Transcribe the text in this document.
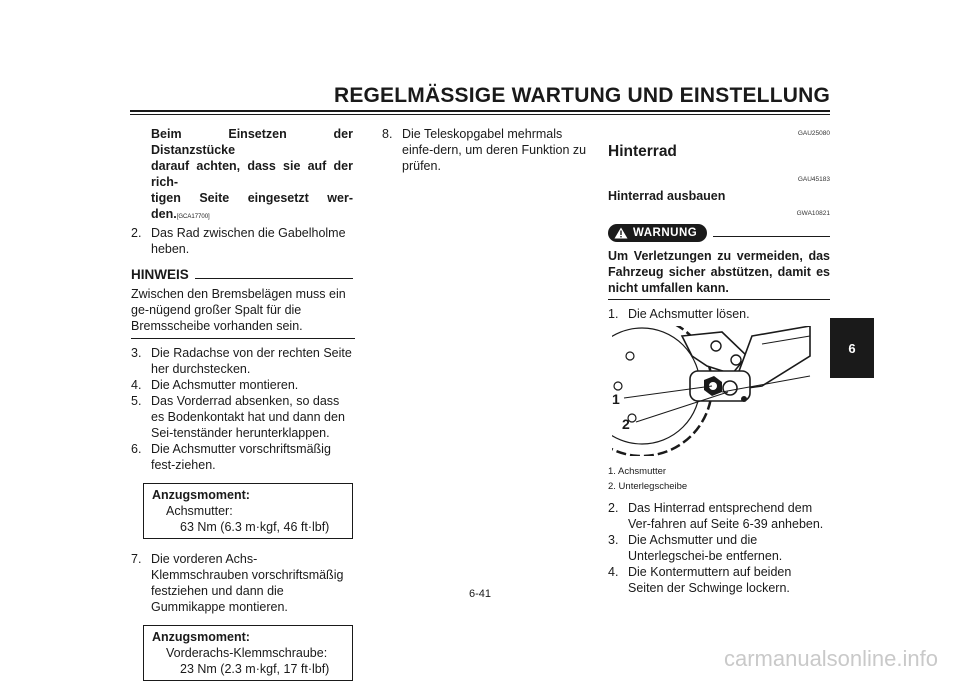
REGELMÄSSIGE WARTUNG UND EINSTELLUNG
6
Beim Einsetzen der Distanzstücke
darauf achten, dass sie auf der rich-
tigen Seite eingesetzt wer-
den.[GCA17700]
2. Das Rad zwischen die Gabelholme heben.
HINWEIS
Zwischen den Bremsbelägen muss ein ge-nügend großer Spalt für die Bremsscheibe vorhanden sein.
3. Die Radachse von der rechten Seite her durchstecken.
4. Die Achsmutter montieren.
5. Das Vorderrad absenken, so dass es Bodenkontakt hat und dann den Sei-tenständer herunterklappen.
6. Die Achsmutter vorschriftsmäßig fest-ziehen.
Anzugsmoment:
Achsmutter:
63 Nm (6.3 m·kgf, 46 ft·lbf)
7. Die vorderen Achs-Klemmschrauben vorschriftsmäßig festziehen und dann die Gummikappe montieren.
Anzugsmoment:
Vorderachs-Klemmschraube:
23 Nm (2.3 m·kgf, 17 ft·lbf)
8. Die Teleskopgabel mehrmals einfe-dern, um deren Funktion zu prüfen.
GAU25080
Hinterrad
GAU45183
Hinterrad ausbauen
GWA10821
WARNUNG
Um Verletzungen zu vermeiden, das Fahrzeug sicher abstützen, damit es nicht umfallen kann.
1. Die Achsmutter lösen.
1
2
1. Achsmutter
2. Unterlegscheibe
2. Das Hinterrad entsprechend dem Ver-fahren auf Seite 6-39 anheben.
3. Die Achsmutter und die Unterlegschei-be entfernen.
4. Die Kontermuttern auf beiden Seiten der Schwinge lockern.
6-41
carmanualsonline.info
